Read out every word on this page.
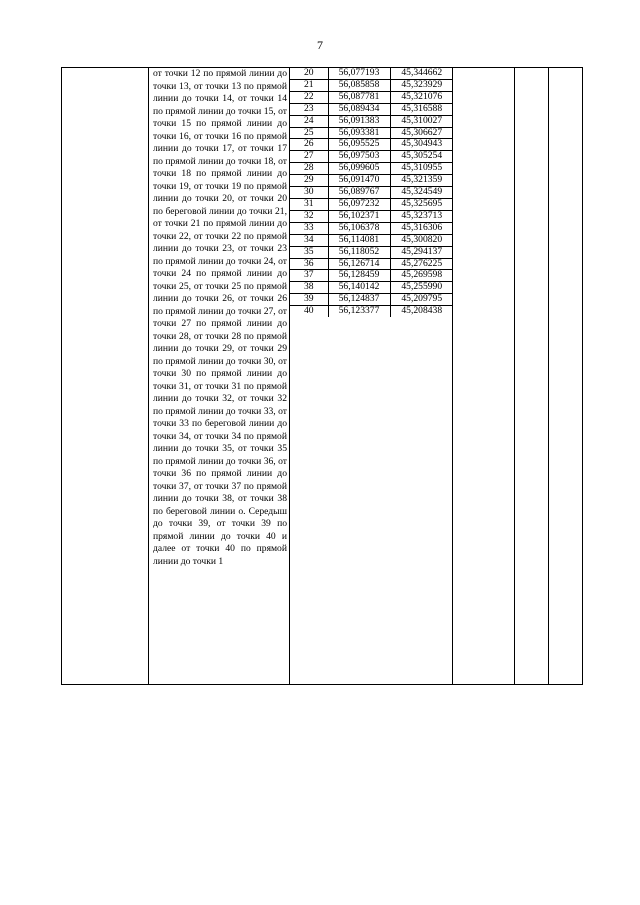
7
	от точки 12 по прямой линии до точки 13, от точки 13 по прямой линии до точки 14, от точки 14 по прямой линии до точки 15, от точки 15 по прямой линии до точки 16, от точки 16 по прямой линии до точки 17, от точки 17 по прямой линии до точки 18, от точки 18 по прямой линии до точки 19, от точки 19 по прямой линии до точки 20, от точки 20 по береговой линии до точки 21, от точки 21 по прямой линии до точки 22, от точки 22 по прямой линии до точки 23, от точки 23 по прямой линии до точки 24, от точки 24 по прямой линии до точки 25, от точки 25 по прямой линии до точки 26, от точки 26 по прямой линии до точки 27, от точки 27 по прямой линии до точки 28, от точки 28 по прямой линии до точки 29, от точки 29 по прямой линии до точки 30, от точки 30 по прямой линии до точки 31, от точки 31 по прямой линии до точки 32, от точки 32 по прямой линии до точки 33, от точки 33 по береговой линии до точки 34, от точки 34 по прямой линии до точки 35, от точки 35 по прямой линии до точки 36, от точки 36 по прямой линии до точки 37, от точки 37 по прямой линии до точки 38, от точки 38 по береговой линии о. Середыш до точки 39, от точки 39 по прямой линии до точки 40 и далее от точки 40 по прямой линии до точки 1	
20	56,077193	45,344662
21	56,085858	45,323929
22	56,087781	45,321076
23	56,089434	45,316588
24	56,091383	45,310027
25	56,093381	45,306627
26	56,095525	45,304943
27	56,097503	45,305254
28	56,099605	45,310955
29	56,091470	45,321359
30	56,089767	45,324549
31	56,097232	45,325695
32	56,102371	45,323713
33	56,106378	45,316306
34	56,114081	45,300820
35	56,118052	45,294137
36	56,126714	45,276225
37	56,128459	45,269598
38	56,140142	45,255990
39	56,124837	45,209795
40	56,123377	45,208438
